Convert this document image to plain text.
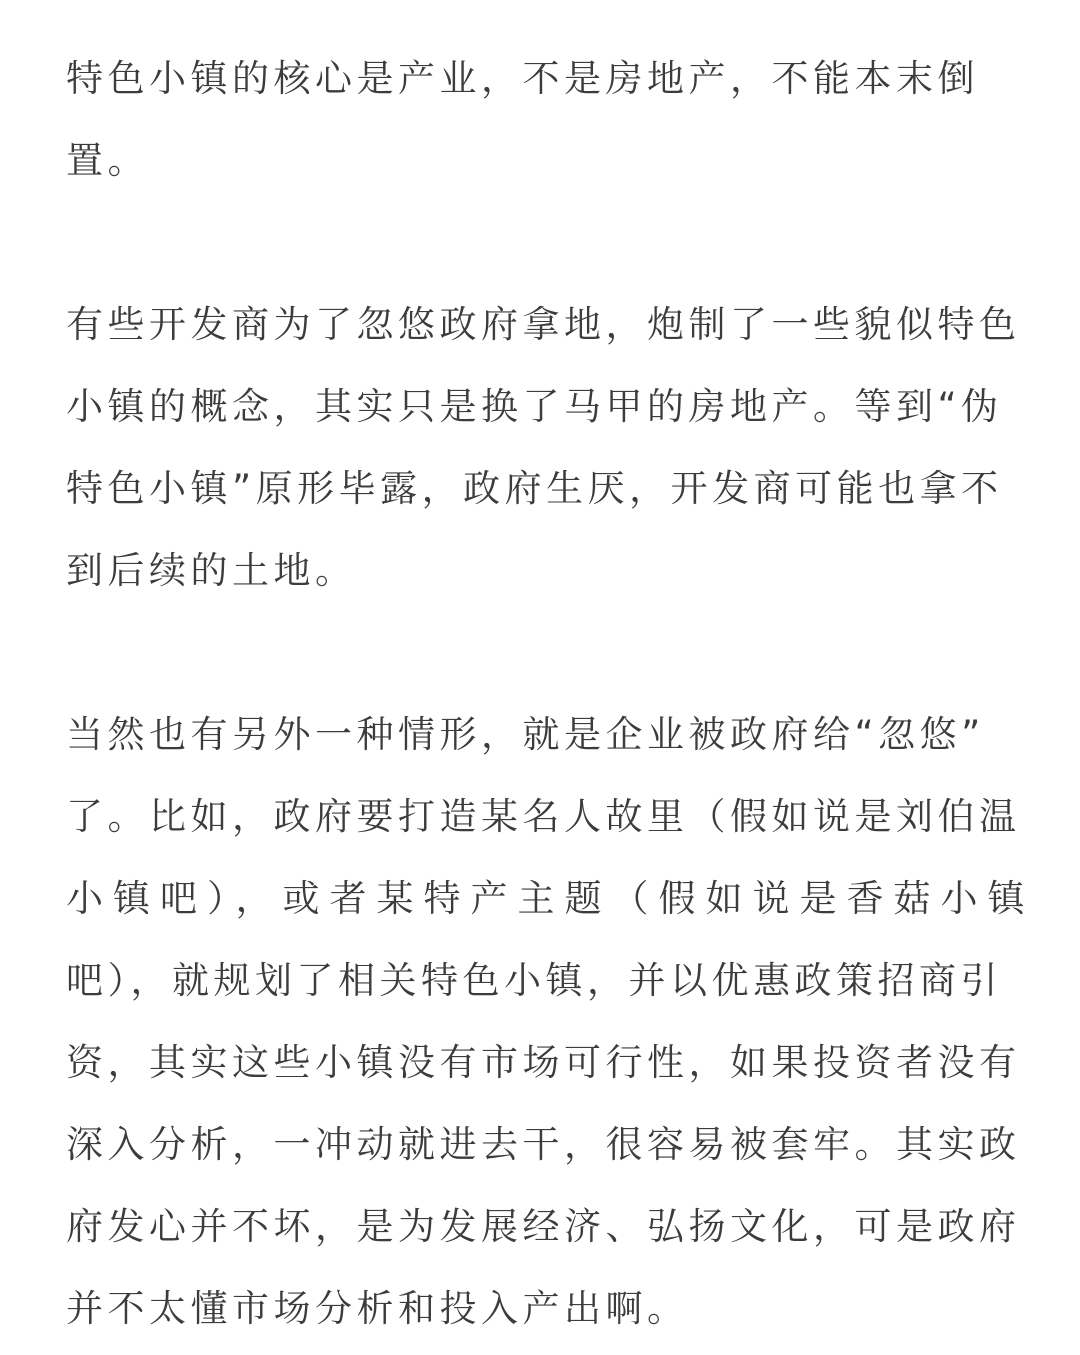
特色小镇的核心是产业，不是房地产，不能本末倒
置。

有些开发商为了忽悠政府拿地，炮制了一些貌似特色
小镇的概念，其实只是换了马甲的房地产。等到“伪
特色小镇”原形毕露，政府生厌，开发商可能也拿不
到后续的土地。

当然也有另外一种情形，就是企业被政府给“忽悠”
了。比如，政府要打造某名人故里（假如说是刘伯温
小镇吧），或者某特产主题（假如说是香菇小镇
吧），就规划了相关特色小镇，并以优惠政策招商引
资，其实这些小镇没有市场可行性，如果投资者没有
深入分析，一冲动就进去干，很容易被套牢。其实政
府发心并不坏，是为发展经济、弘扬文化，可是政府
并不太懂市场分析和投入产出啊。
